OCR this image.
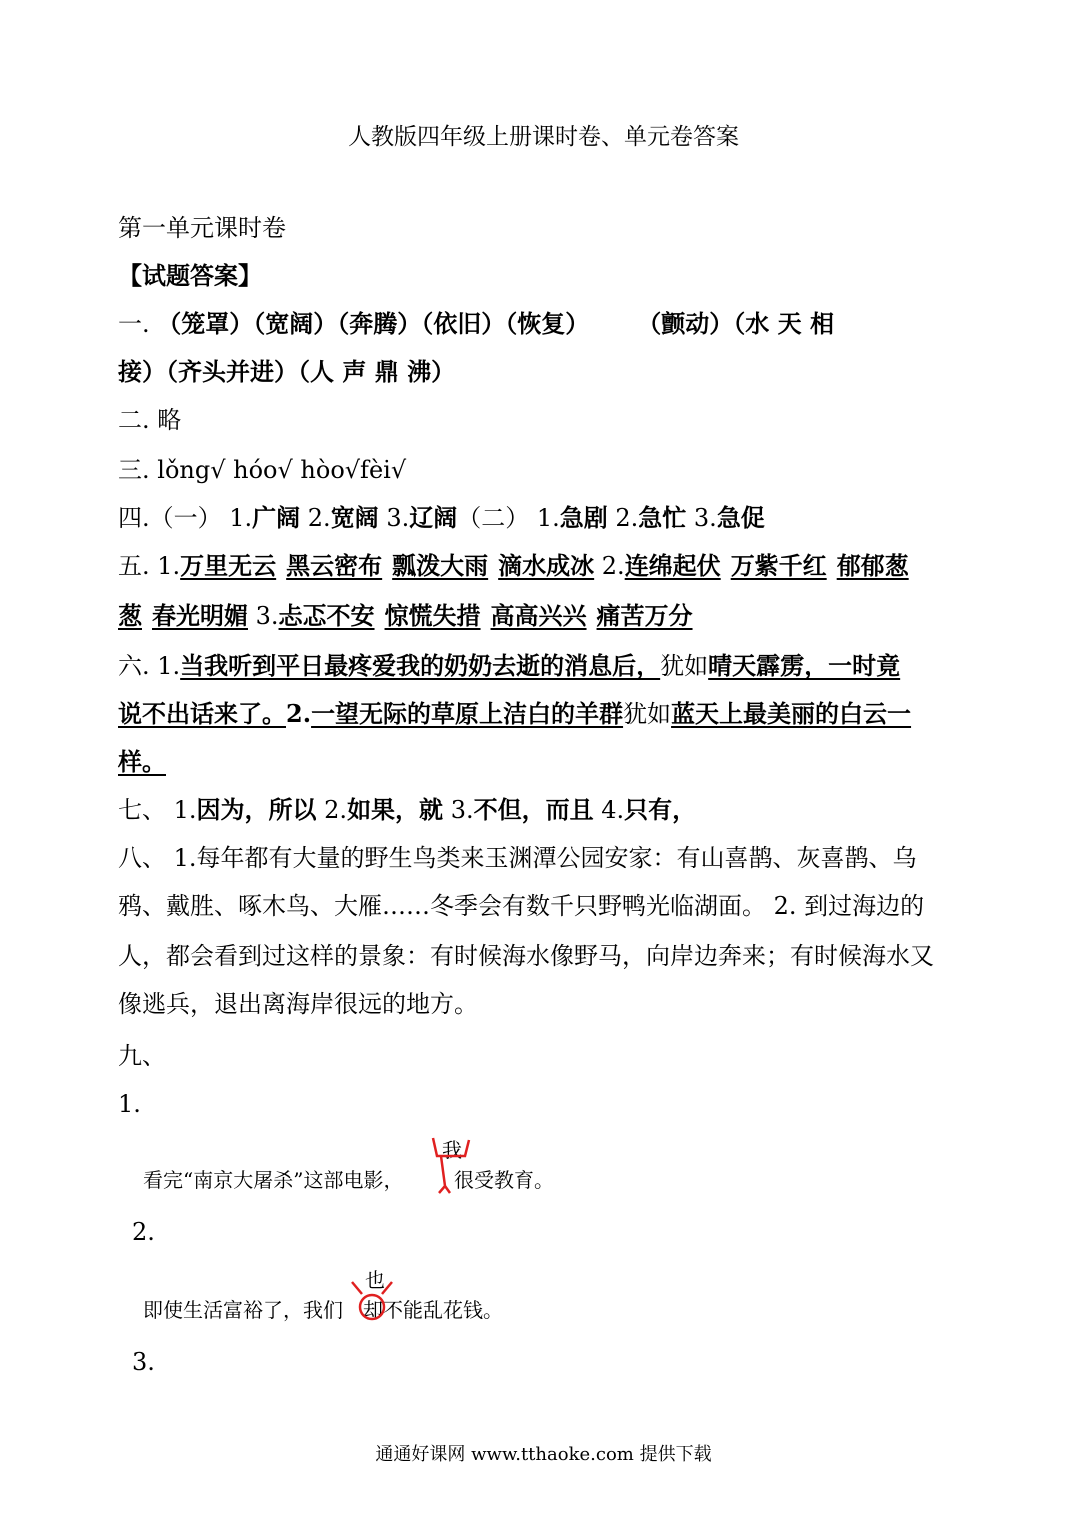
人教版四年级上册课时卷、单元卷答案
第一单元课时卷
【试题答案】
一. （笼罩）（宽阔）（奔腾）（依旧）（恢复） （颤动）（水 天 相
接）（齐头并进）（人 声 鼎 沸）
二. 略
三. lǒng√ hóo√ hòo√fèi√
四.（一） 1.广阔 2.宽阔 3.辽阔（二） 1.急剧 2.急忙 3.急促
五. 1.万里无云 黑云密布 瓢泼大雨 滴水成冰 2.连绵起伏 万紫千红 郁郁葱
葱 春光明媚 3.忐忑不安 惊慌失措 高高兴兴 痛苦万分
六. 1.当我听到平日最疼爱我的奶奶去逝的消息后，犹如晴天霹雳，一时竟
说不出话来了。2.一望无际的草原上洁白的羊群犹如蓝天上最美丽的白云一
样。
七、 1.因为，所以 2.如果，就 3.不但，而且 4.只有，
八、 1.每年都有大量的野生鸟类来玉渊潭公园安家：有山喜鹊、灰喜鹊、乌
鸦、戴胜、啄木鸟、大雁……冬季会有数千只野鸭光临湖面。 2. 到过海边的
人，都会看到过这样的景象：有时候海水像野马，向岸边奔来；有时候海水又
像逃兵，退出离海岸很远的地方。
九、
1.
看完“南京大屠杀”这部电影，	很受教育。
我
2.
即使生活富裕了，我们 却 不能乱花钱。
也
3.
通通好课网 www.tthaoke.com 提供下载
